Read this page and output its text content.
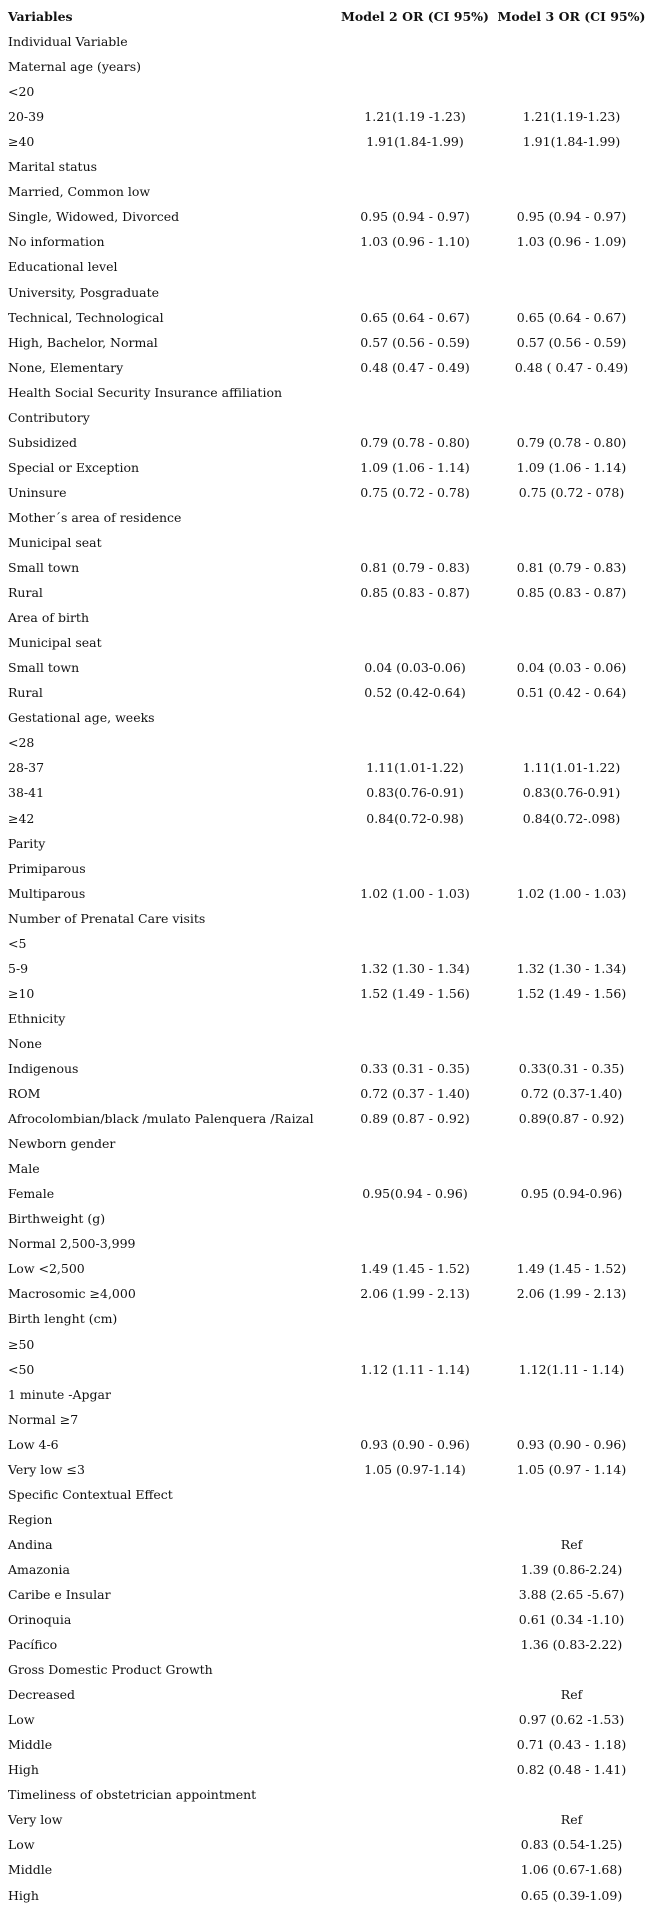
Variables	Model 2 OR (CI 95%)	Model 3 OR (CI 95%)
Individual Variable		
Maternal age (years)		
<20		
20-39	1.21(1.19 -1.23)	1.21(1.19-1.23)
≥40	1.91(1.84-1.99)	1.91(1.84-1.99)
Marital status		
Married, Common low		
Single, Widowed, Divorced	0.95 (0.94 - 0.97)	0.95 (0.94 - 0.97)
No information	1.03 (0.96 - 1.10)	1.03 (0.96 - 1.09)
Educational level		
University, Posgraduate		
Technical, Technological	0.65 (0.64 - 0.67)	0.65 (0.64 - 0.67)
High, Bachelor, Normal	0.57 (0.56 - 0.59)	0.57 (0.56 - 0.59)
None, Elementary	0.48 (0.47 - 0.49)	0.48 ( 0.47 - 0.49)
Health Social Security Insurance affiliation		
Contributory		
Subsidized	0.79 (0.78 - 0.80)	0.79 (0.78 - 0.80)
Special or Exception	1.09 (1.06 - 1.14)	1.09 (1.06 - 1.14)
Uninsure	0.75 (0.72 - 0.78)	0.75 (0.72 - 078)
Mother´s area of residence		
Municipal seat		
Small town	0.81 (0.79 - 0.83)	0.81 (0.79 - 0.83)
Rural	0.85 (0.83 - 0.87)	0.85 (0.83 - 0.87)
Area of birth		
Municipal seat		
Small town	0.04 (0.03-0.06)	0.04 (0.03 - 0.06)
Rural	0.52 (0.42-0.64)	0.51 (0.42 - 0.64)
Gestational age, weeks		
<28		
28-37	1.11(1.01-1.22)	1.11(1.01-1.22)
38-41	0.83(0.76-0.91)	0.83(0.76-0.91)
≥42	0.84(0.72-0.98)	0.84(0.72-.098)
Parity		
Primiparous		
Multiparous	1.02 (1.00 - 1.03)	1.02 (1.00 - 1.03)
Number of Prenatal Care visits		
<5		
5-9	1.32 (1.30 - 1.34)	1.32 (1.30 - 1.34)
≥10	1.52 (1.49 - 1.56)	1.52 (1.49 - 1.56)
Ethnicity		
None		
Indigenous	0.33 (0.31 - 0.35)	0.33(0.31 - 0.35)
ROM	0.72 (0.37 - 1.40)	0.72 (0.37-1.40)
Afrocolombian/black /mulato Palenquera /Raizal	0.89 (0.87 - 0.92)	0.89(0.87 - 0.92)
Newborn gender		
Male		
Female	0.95(0.94 - 0.96)	0.95 (0.94-0.96)
Birthweight (g)		
Normal 2,500-3,999		
Low <2,500	1.49 (1.45 - 1.52)	1.49 (1.45 - 1.52)
Macrosomic ≥4,000	2.06 (1.99 - 2.13)	2.06 (1.99 - 2.13)
Birth lenght (cm)		
≥50		
<50	1.12 (1.11 - 1.14)	1.12(1.11 - 1.14)
1 minute -Apgar		
Normal ≥7		
Low 4-6	0.93 (0.90 - 0.96)	0.93 (0.90 - 0.96)
Very low ≤3	1.05 (0.97-1.14)	1.05 (0.97 - 1.14)
Specific Contextual Effect		
Region		
Andina		Ref
Amazonia		1.39 (0.86-2.24)
Caribe e Insular		3.88 (2.65 -5.67)
Orinoquia		0.61 (0.34 -1.10)
Pacífico		1.36 (0.83-2.22)
Gross Domestic Product Growth		
Decreased		Ref
Low		0.97 (0.62 -1.53)
Middle		0.71 (0.43 - 1.18)
High		0.82 (0.48 - 1.41)
Timeliness of obstetrician appointment		
Very low		Ref
Low		0.83 (0.54-1.25)
Middle		1.06 (0.67-1.68)
High		0.65 (0.39-1.09)
